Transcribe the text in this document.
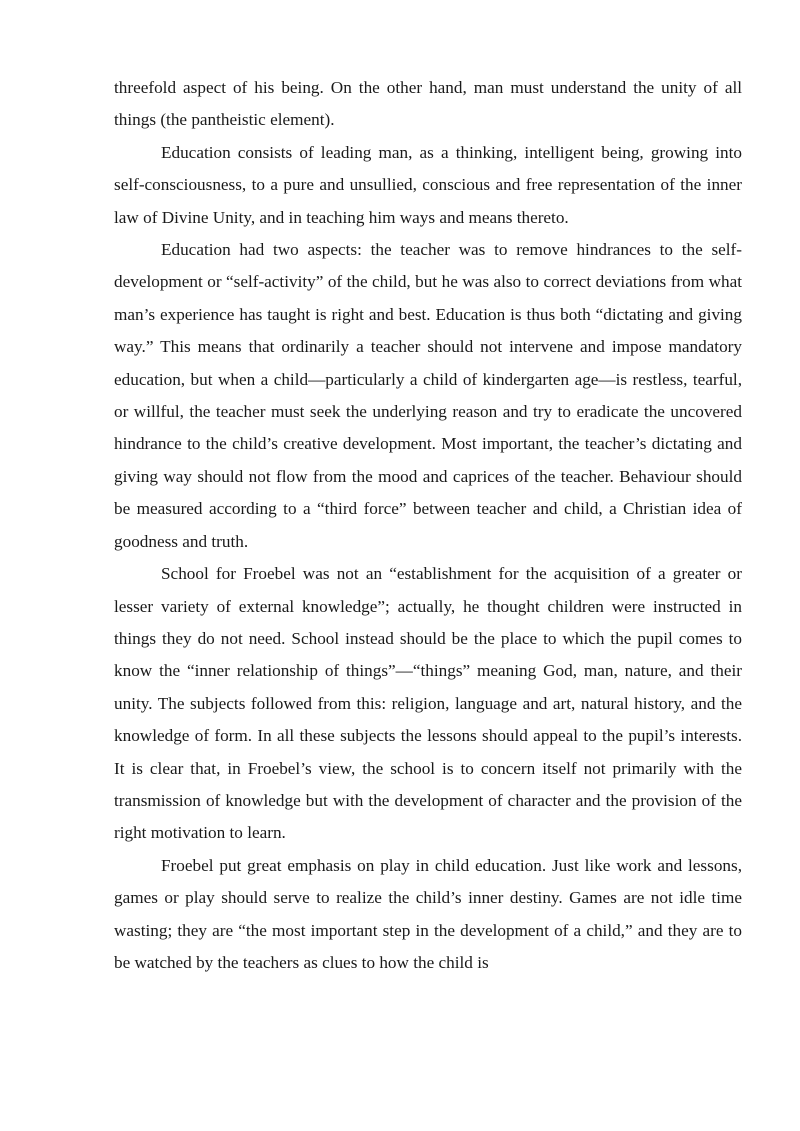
threefold aspect of his being. On the other hand, man must understand the unity of all things (the pantheistic element).

Education consists of leading man, as a thinking, intelligent being, growing into self-consciousness, to a pure and unsullied, conscious and free representation of the inner law of Divine Unity, and in teaching him ways and means thereto.

Education had two aspects: the teacher was to remove hindrances to the self-development or “self-activity” of the child, but he was also to correct deviations from what man’s experience has taught is right and best. Education is thus both “dictating and giving way.” This means that ordinarily a teacher should not intervene and impose mandatory education, but when a child—particularly a child of kindergarten age—is restless, tearful, or willful, the teacher must seek the underlying reason and try to eradicate the uncovered hindrance to the child’s creative development. Most important, the teacher’s dictating and giving way should not flow from the mood and caprices of the teacher. Behaviour should be measured according to a “third force” between teacher and child, a Christian idea of goodness and truth.

School for Froebel was not an “establishment for the acquisition of a greater or lesser variety of external knowledge”; actually, he thought children were instructed in things they do not need. School instead should be the place to which the pupil comes to know the “inner relationship of things”—“things” meaning God, man, nature, and their unity. The subjects followed from this: religion, language and art, natural history, and the knowledge of form. In all these subjects the lessons should appeal to the pupil’s interests. It is clear that, in Froebel’s view, the school is to concern itself not primarily with the transmission of knowledge but with the development of character and the provision of the right motivation to learn.

Froebel put great emphasis on play in child education. Just like work and lessons, games or play should serve to realize the child’s inner destiny. Games are not idle time wasting; they are “the most important step in the development of a child,” and they are to be watched by the teachers as clues to how the child is
